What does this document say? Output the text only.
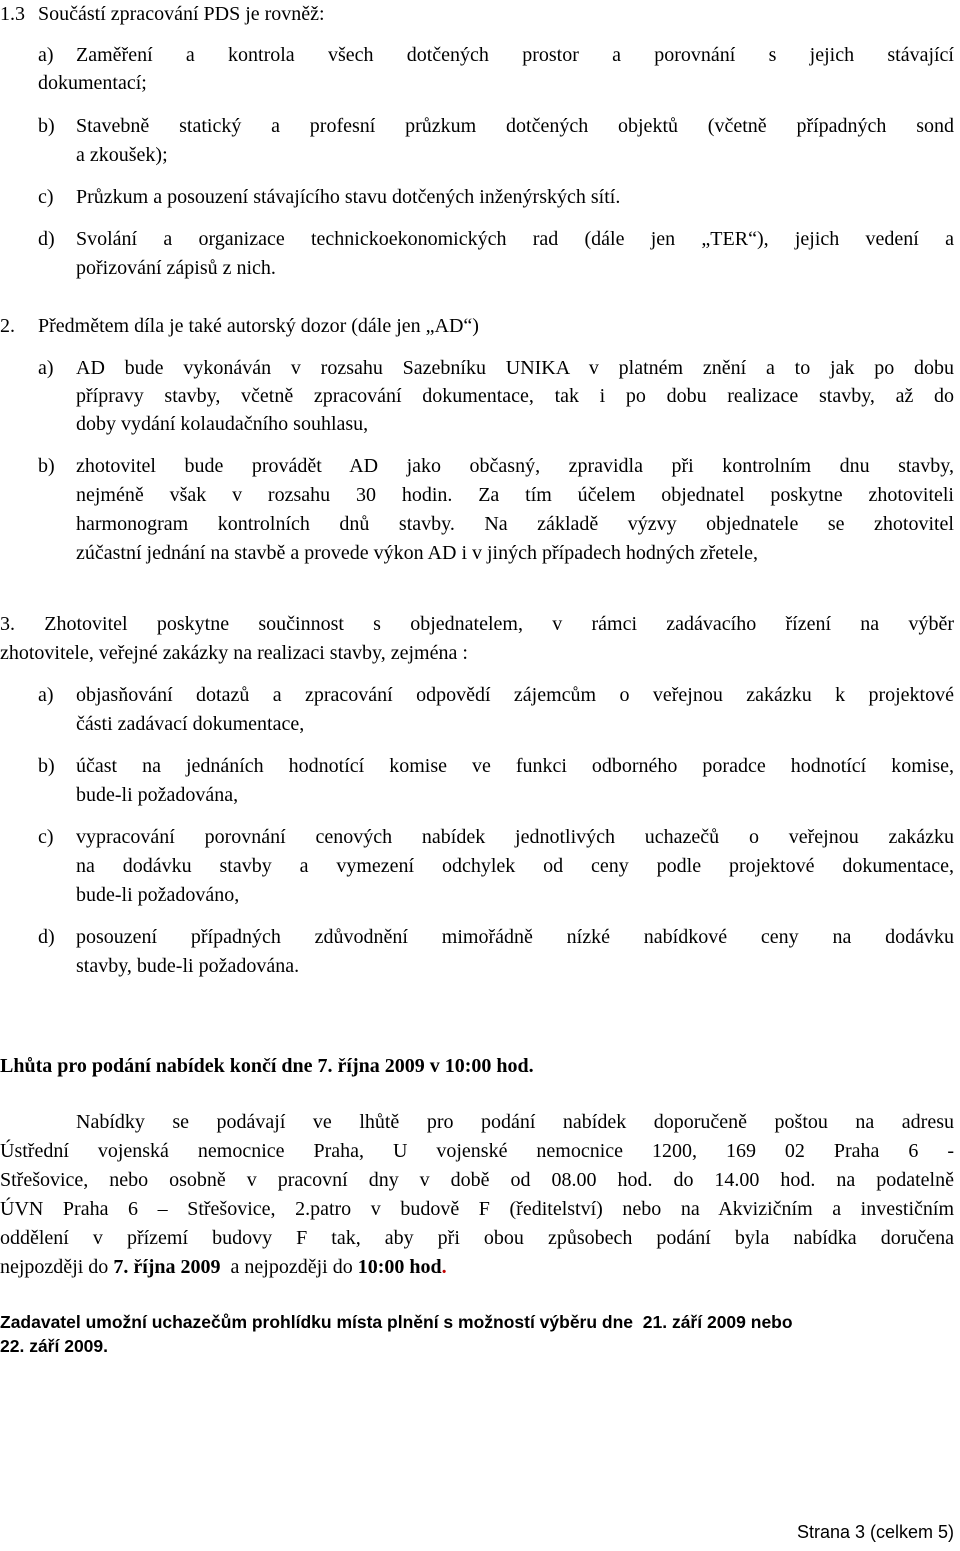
1.3 Součástí zpracování PDS je rovněž:
a) Zaměření a kontrola všech dotčených prostor a porovnání s jejich stávající
dokumentací;
b) Stavebně statický a profesní průzkum dotčených objektů (včetně případných sond
a zkoušek);
c) Průzkum a posouzení stávajícího stavu dotčených inženýrských sítí.
d) Svolání a organizace technickoekonomických rad (dále jen „TER“), jejich vedení a
pořizování zápisů z nich.
2. Předmětem díla je také autorský dozor (dále jen „AD“)
a) AD bude vykonáván v rozsahu Sazebníku UNIKA v platném znění a to jak po dobu
přípravy stavby, včetně zpracování dokumentace, tak i po dobu realizace stavby, až do
doby vydání kolaudačního souhlasu,
b) zhotovitel bude provádět AD jako občasný, zpravidla při kontrolním dnu stavby,
nejméně však v rozsahu 30 hodin. Za tím účelem objednatel poskytne zhotoviteli
harmonogram kontrolních dnů stavby. Na základě výzvy objednatele se zhotovitel
zúčastní jednání na stavbě a provede výkon AD i v jiných případech hodných zřetele,
3. Zhotovitel poskytne součinnost s objednatelem, v rámci zadávacího řízení na výběr
zhotovitele, veřejné zakázky na realizaci stavby, zejména :
a) objasňování dotazů a zpracování odpovědí zájemcům o veřejnou zakázku k projektové
části zadávací dokumentace,
b) účast na jednáních hodnotící komise ve funkci odborného poradce hodnotící komise,
bude-li požadována,
c) vypracování porovnání cenových nabídek jednotlivých uchazečů o veřejnou zakázku
na dodávku stavby a vymezení odchylek od ceny podle projektové dokumentace,
bude-li požadováno,
d) posouzení případných zdůvodnění mimořádně nízké nabídkové ceny na dodávku
stavby, bude-li požadována.
Lhůta pro podání nabídek končí dne 7. října 2009 v 10:00 hod.
Nabídky se podávají ve lhůtě pro podání nabídek doporučeně poštou na adresu
Ústřední vojenská nemocnice Praha, U vojenské nemocnice 1200, 169 02 Praha 6 -
Střešovice, nebo osobně v pracovní dny v době od 08.00 hod. do 14.00 hod. na podatelně
ÚVN Praha 6 – Střešovice, 2.patro v budově F (ředitelství) nebo na Akvizičním a investičním
oddělení v přízemí budovy F tak, aby při obou způsobech podání byla nabídka doručena
nejpozději do 7. října 2009  a nejpozději do 10:00 hod.
Zadavatel umožní uchazečům prohlídku místa plnění s možností výběru dne  21. září 2009 nebo
22. září 2009.
Strana 3 (celkem 5)
